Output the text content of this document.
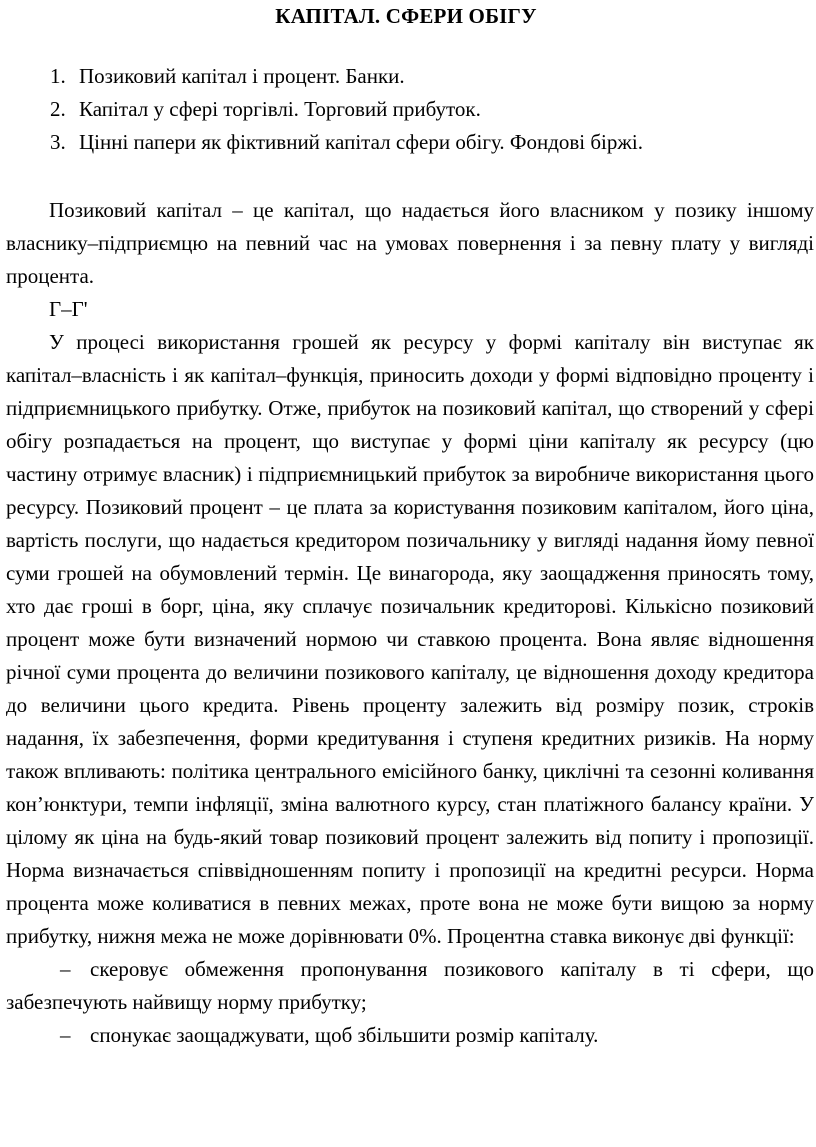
КАПІТАЛ. СФЕРИ ОБІГУ
1. Позиковий капітал і процент. Банки.
2. Капітал у сфері торгівлі. Торговий прибуток.
3. Цінні папери як фіктивний капітал сфери обігу. Фондові біржі.

Позиковий капітал – це капітал, що надається його власником у позику іншому власнику–підприємцю на певний час на умовах повернення і за певну плату у вигляді процента.

Г–Г'

У процесі використання грошей як ресурсу у формі капіталу він виступає як капітал–власність і як капітал–функція, приносить доходи у формі відповідно проценту і підприємницького прибутку. Отже, прибуток на позиковий капітал, що створений у сфері обігу розпадається на процент, що виступає у формі ціни капіталу як ресурсу (цю частину отримує власник) і підприємницький прибуток за виробниче використання цього ресурсу. Позиковий процент – це плата за користування позиковим капіталом, його ціна, вартість послуги, що надається кредитором позичальнику у вигляді надання йому певної суми грошей на обумовлений термін. Це винагорода, яку заощадження приносять тому, хто дає гроші в борг, ціна, яку сплачує позичальник кредиторові. Кількісно позиковий процент може бути визначений нормою чи ставкою процента. Вона являє відношення річної суми процента до величини позикового капіталу, це відношення доходу кредитора до величини цього кредита. Рівень проценту залежить від розміру позик, строків надання, їх забезпечення, форми кредитування і ступеня кредитних ризиків. На норму також впливають: політика центрального емісійного банку, циклічні та сезонні коливання кон’юнктури, темпи інфляції, зміна валютного курсу, стан платіжного балансу країни. У цілому як ціна на будь-який товар позиковий процент залежить від попиту і пропозиції. Норма визначається співвідношенням попиту і пропозиції на кредитні ресурси. Норма процента може коливатися в певних межах, проте вона не може бути вищою за норму прибутку, нижня межа не може дорівнювати 0%. Процентна ставка виконує дві функції:

– скеровує обмеження пропонування позикового капіталу в ті сфери, що забезпечують найвищу норму прибутку;

– спонукає заощаджувати, щоб збільшити розмір капіталу.
